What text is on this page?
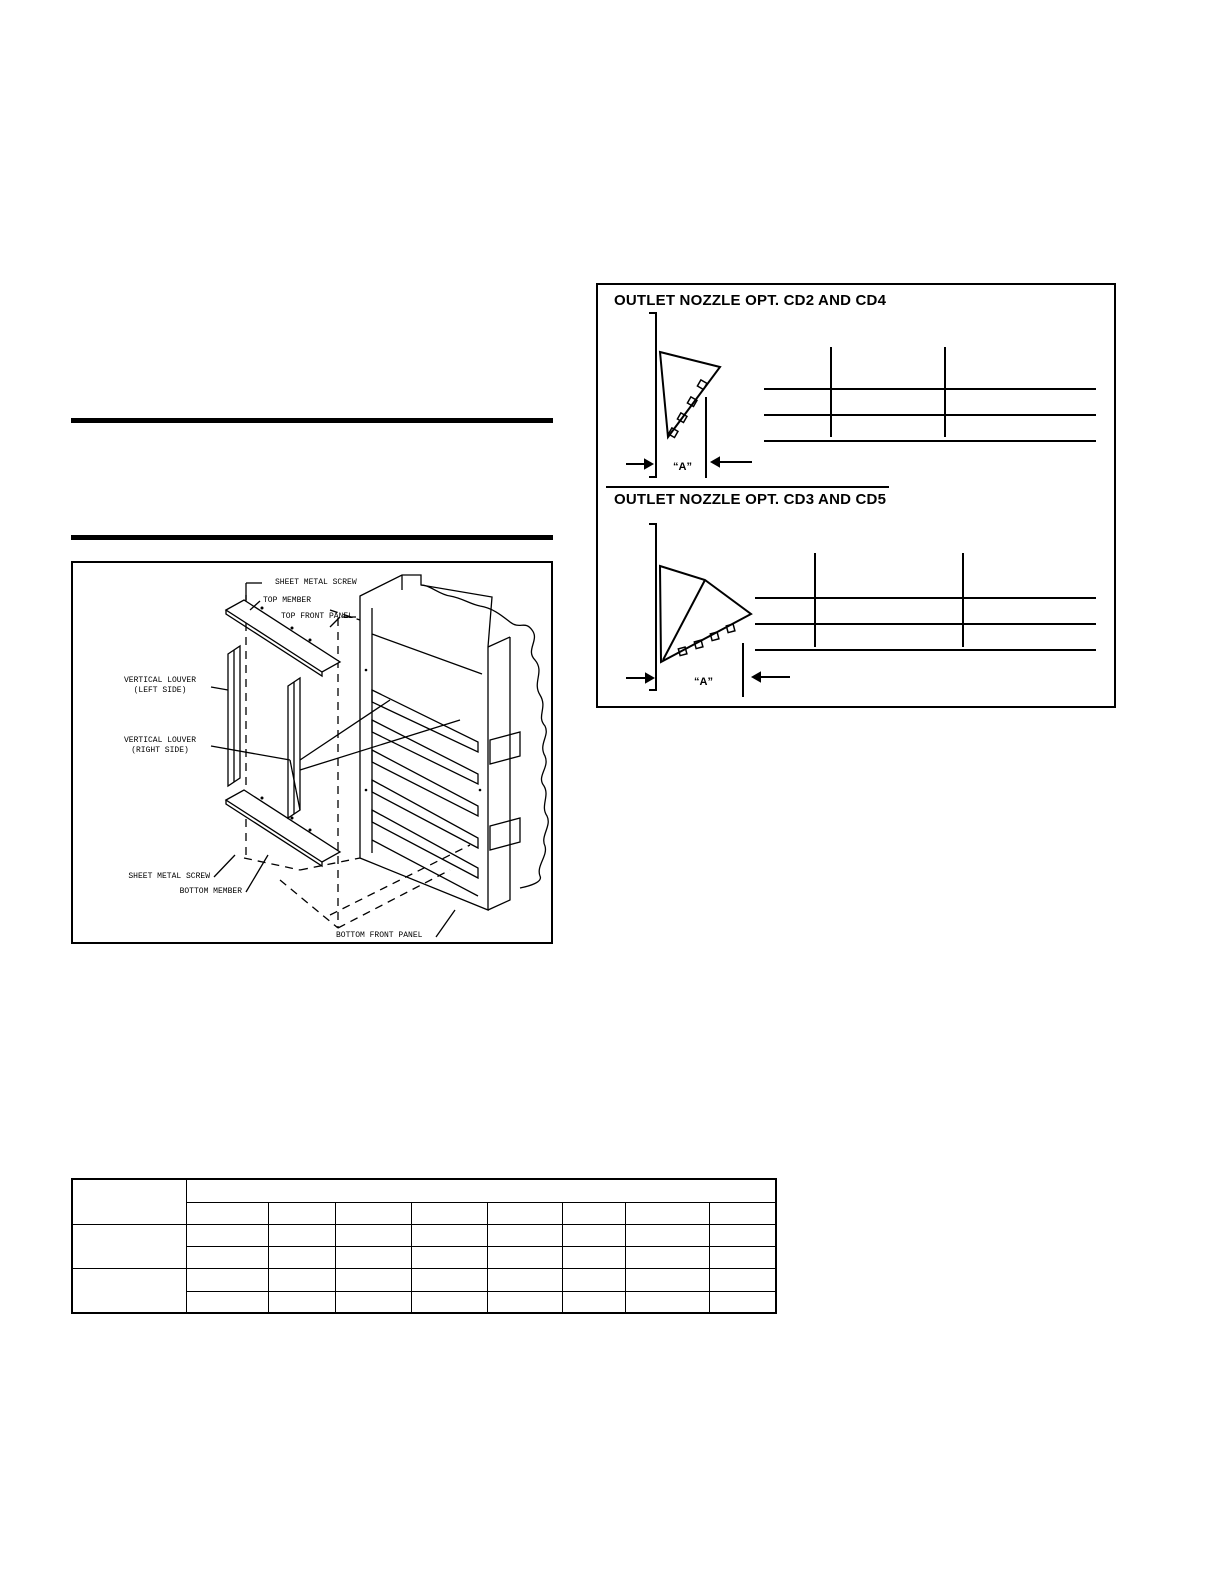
OUTLET NOZZLE OPT. CD2 AND CD4
OUTLET NOZZLE OPT. CD3 AND CD5
“A”
“A”
SHEET METAL SCREW
TOP MEMBER
TOP FRONT PANEL
VERTICAL LOUVER
(LEFT SIDE)
VERTICAL LOUVER
(RIGHT SIDE)
SHEET METAL SCREW
BOTTOM MEMBER
BOTTOM FRONT PANEL
